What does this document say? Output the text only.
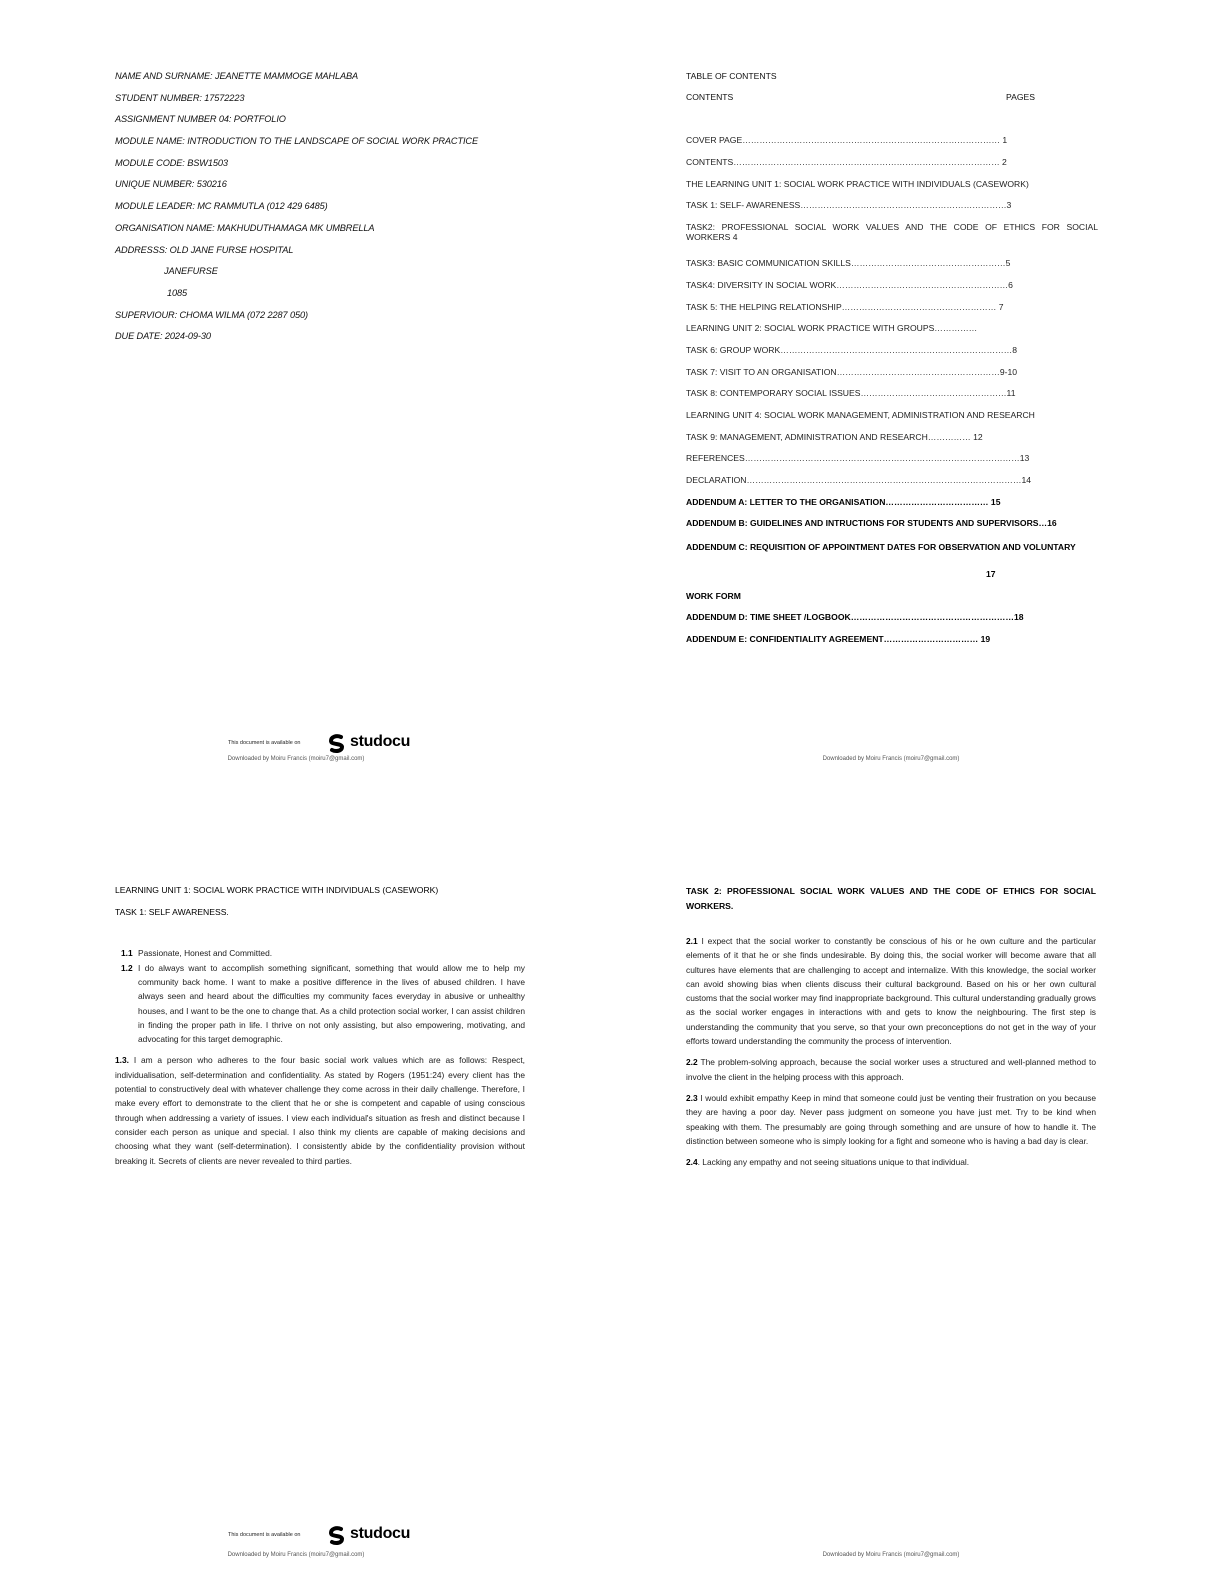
NAME AND SURNAME: JEANETTE MAMMOGE MAHLABA
STUDENT NUMBER: 17572223
ASSIGNMENT NUMBER 04: PORTFOLIO
MODULE NAME: INTRODUCTION TO THE LANDSCAPE OF SOCIAL WORK PRACTICE
MODULE CODE: BSW1503
UNIQUE NUMBER: 530216
MODULE LEADER: MC RAMMUTLA (012 429 6485)
ORGANISATION NAME: MAKHUDUTHAMAGA MK UMBRELLA
ADDRESSS: OLD JANE FURSE HOSPITAL
JANEFURSE
1085
SUPERVIOUR: CHOMA WILMA (072 2287 050)
DUE DATE: 2024-09-30
This document is available on	studocu
Downloaded by Moiru Francis (moiru7@gmail.com)
TABLE OF CONTENTS
CONTENTS	PAGES
COVER PAGE……………………………………………………………………………… 1
CONTENTS………………………………………………………………………………… 2
THE LEARNING UNIT 1: SOCIAL WORK PRACTICE WITH INDIVIDUALS (CASEWORK)
TASK 1: SELF- AWARENESS………………………………………………………………3
TASK2: PROFESSIONAL SOCIAL WORK VALUES AND THE CODE OF ETHICS FOR SOCIAL WORKERS 4
TASK3: BASIC COMMUNICATION SKILLS………………………………………………5
TASK4: DIVERSITY IN SOCIAL WORK……………………………………………………6
TASK 5: THE HELPING RELATIONSHIP……………………………………………… 7
LEARNING UNIT 2: SOCIAL WORK PRACTICE WITH GROUPS……………
TASK 6: GROUP WORK………………………………………………………………………8
TASK 7: VISIT TO AN ORGANISATION…………………………………………………9-10
TASK 8: CONTEMPORARY SOCIAL ISSUES……………………………………………11
LEARNING UNIT 4: SOCIAL WORK MANAGEMENT, ADMINISTRATION AND RESEARCH
TASK 9: MANAGEMENT, ADMINISTRATION AND RESEARCH…………… 12
REFERENCES……………………………………………………………………………………13
DECLARATION……………………………………………………………………………………14
ADDENDUM A: LETTER TO THE ORGANISATION……………………………… 15
ADDENDUM B: GUIDELINES AND INTRUCTIONS FOR STUDENTS AND SUPERVISORS…16
ADDENDUM C: REQUISITION OF APPOINTMENT DATES FOR OBSERVATION AND VOLUNTARY
17
WORK FORM
ADDENDUM D: TIME SHEET /LOGBOOK…………………………………………………18
ADDENDUM E: CONFIDENTIALITY AGREEMENT…………………………… 19
Downloaded by Moiru Francis (moiru7@gmail.com)
LEARNING UNIT 1: SOCIAL WORK PRACTICE WITH INDIVIDUALS (CASEWORK)
TASK 1: SELF AWARENESS.
1.1 Passionate, Honest and Committed.
1.2 I do always want to accomplish something significant, something that would allow me to help my community back home. I want to make a positive difference in the lives of abused children. I have always seen and heard about the difficulties my community faces everyday in abusive or unhealthy houses, and I want to be the one to change that. As a child protection social worker, I can assist children in finding the proper path in life. I thrive on not only assisting, but also empowering, motivating, and advocating for this target demographic.

1.3. I am a person who adheres to the four basic social work values which are as follows: Respect, individualisation, self-determination and confidentiality. As stated by Rogers (1951:24) every client has the potential to constructively deal with whatever challenge they come across in their daily challenge. Therefore, I make every effort to demonstrate to the client that he or she is competent and capable of using conscious through when addressing a variety of issues. I view each individual's situation as fresh and distinct because I consider each person as unique and special. I also think my clients are capable of making decisions and choosing what they want (self-determination). I consistently abide by the confidentiality provision without breaking it. Secrets of clients are never revealed to third parties.

This document is available on	studocu
Downloaded by Moiru Francis (moiru7@gmail.com)
TASK 2: PROFESSIONAL SOCIAL WORK VALUES AND THE CODE OF ETHICS FOR SOCIAL WORKERS.

2.1 I expect that the social worker to constantly be conscious of his or he own culture and the particular elements of it that he or she finds undesirable. By doing this, the social worker will become aware that all cultures have elements that are challenging to accept and internalize. With this knowledge, the social worker can avoid showing bias when clients discuss their cultural background. Based on his or her own cultural customs that the social worker may find inappropriate background. This cultural understanding gradually grows as the social worker engages in interactions with and gets to know the neighbouring. The first step is understanding the community that you serve, so that your own preconceptions do not get in the way of your efforts toward understanding the community the process of intervention.

2.2 The problem-solving approach, because the social worker uses a structured and well-planned method to involve the client in the helping process with this approach.

2.3 I would exhibit empathy Keep in mind that someone could just be venting their frustration on you because they are having a poor day. Never pass judgment on someone you have just met. Try to be kind when speaking with them. The presumably are going through something and are unsure of how to handle it. The distinction between someone who is simply looking for a fight and someone who is having a bad day is clear.

2.4. Lacking any empathy and not seeing situations unique to that individual.

Downloaded by Moiru Francis (moiru7@gmail.com)
